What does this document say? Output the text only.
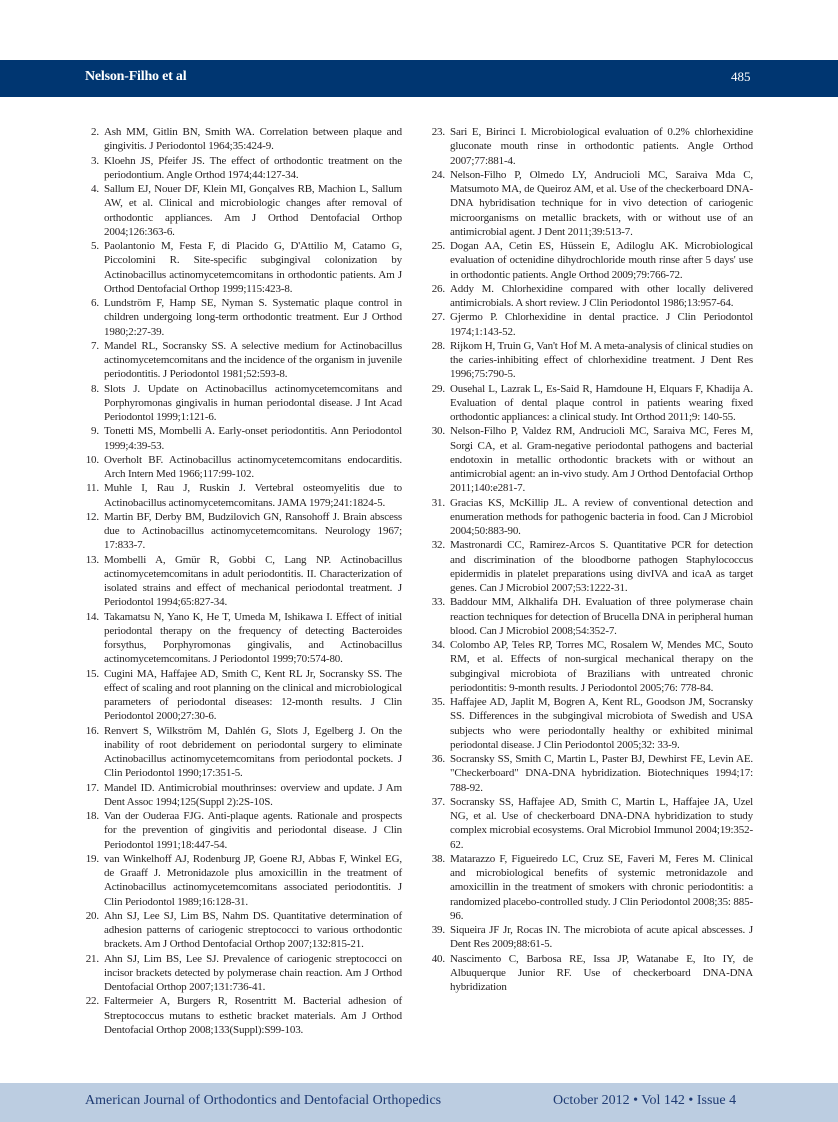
Nelson-Filho et al	485
2. Ash MM, Gitlin BN, Smith WA. Correlation between plaque and gingivitis. J Periodontol 1964;35:424-9.
3. Kloehn JS, Pfeifer JS. The effect of orthodontic treatment on the periodontium. Angle Orthod 1974;44:127-34.
4. Sallum EJ, Nouer DF, Klein MI, Gonçalves RB, Machion L, Sallum AW, et al. Clinical and microbiologic changes after removal of orthodontic appliances. Am J Orthod Dentofacial Orthop 2004;126:363-6.
5. Paolantonio M, Festa F, di Placido G, D'Attilio M, Catamo G, Piccolomini R. Site-specific subgingival colonization by Actinobacillus actinomycetemcomitans in orthodontic patients. Am J Orthod Dentofacial Orthop 1999;115:423-8.
6. Lundström F, Hamp SE, Nyman S. Systematic plaque control in children undergoing long-term orthodontic treatment. Eur J Orthod 1980;2:27-39.
7. Mandel RL, Socransky SS. A selective medium for Actinobacillus actinomycetemcomitans and the incidence of the organism in juvenile periodontitis. J Periodontol 1981;52:593-8.
8. Slots J. Update on Actinobacillus actinomycetemcomitans and Porphyromonas gingivalis in human periodontal disease. J Int Acad Periodontol 1999;1:121-6.
9. Tonetti MS, Mombelli A. Early-onset periodontitis. Ann Periodontol 1999;4:39-53.
10. Overholt BF. Actinobacillus actinomycetemcomitans endocarditis. Arch Intern Med 1966;117:99-102.
11. Muhle I, Rau J, Ruskin J. Vertebral osteomyelitis due to Actinobacillus actinomycetemcomitans. JAMA 1979;241:1824-5.
12. Martin BF, Derby BM, Budzilovich GN, Ransohoff J. Brain abscess due to Actinobacillus actinomycetemcomitans. Neurology 1967; 17:833-7.
13. Mombelli A, Gmür R, Gobbi C, Lang NP. Actinobacillus actinomycetemcomitans in adult periodontitis. II. Characterization of isolated strains and effect of mechanical periodontal treatment. J Periodontol 1994;65:827-34.
14. Takamatsu N, Yano K, He T, Umeda M, Ishikawa I. Effect of initial periodontal therapy on the frequency of detecting Bacteroides forsythus, Porphyromonas gingivalis, and Actinobacillus actinomycetemcomitans. J Periodontol 1999;70:574-80.
15. Cugini MA, Haffajee AD, Smith C, Kent RL Jr, Socransky SS. The effect of scaling and root planning on the clinical and microbiological parameters of periodontal diseases: 12-month results. J Clin Periodontol 2000;27:30-6.
16. Renvert S, Wilkström M, Dahlén G, Slots J, Egelberg J. On the inability of root debridement on periodontal surgery to eliminate Actinobacillus actinomycetemcomitans from periodontal pockets. J Clin Periodontol 1990;17:351-5.
17. Mandel ID. Antimicrobial mouthrinses: overview and update. J Am Dent Assoc 1994;125(Suppl 2):2S-10S.
18. Van der Ouderaa FJG. Anti-plaque agents. Rationale and prospects for the prevention of gingivitis and periodontal disease. J Clin Periodontol 1991;18:447-54.
19. van Winkelhoff AJ, Rodenburg JP, Goene RJ, Abbas F, Winkel EG, de Graaff J. Metronidazole plus amoxicillin in the treatment of Actinobacillus actinomycetemcomitans associated periodontitis. J Clin Periodontol 1989;16:128-31.
20. Ahn SJ, Lee SJ, Lim BS, Nahm DS. Quantitative determination of adhesion patterns of cariogenic streptococci to various orthodontic brackets. Am J Orthod Dentofacial Orthop 2007;132:815-21.
21. Ahn SJ, Lim BS, Lee SJ. Prevalence of cariogenic streptococci on incisor brackets detected by polymerase chain reaction. Am J Orthod Dentofacial Orthop 2007;131:736-41.
22. Faltermeier A, Burgers R, Rosentritt M. Bacterial adhesion of Streptococcus mutans to esthetic bracket materials. Am J Orthod Dentofacial Orthop 2008;133(Suppl):S99-103.
23. Sari E, Birinci I. Microbiological evaluation of 0.2% chlorhexidine gluconate mouth rinse in orthodontic patients. Angle Orthod 2007;77:881-4.
24. Nelson-Filho P, Olmedo LY, Andrucioli MC, Saraiva Mda C, Matsumoto MA, de Queiroz AM, et al. Use of the checkerboard DNA-DNA hybridisation technique for in vivo detection of cariogenic microorganisms on metallic brackets, with or without use of an antimicrobial agent. J Dent 2011;39:513-7.
25. Dogan AA, Cetin ES, Hüssein E, Adiloglu AK. Microbiological evaluation of octenidine dihydrochloride mouth rinse after 5 days' use in orthodontic patients. Angle Orthod 2009;79:766-72.
26. Addy M. Chlorhexidine compared with other locally delivered antimicrobials. A short review. J Clin Periodontol 1986;13:957-64.
27. Gjermo P. Chlorhexidine in dental practice. J Clin Periodontol 1974;1:143-52.
28. Rijkom H, Truin G, Van't Hof M. A meta-analysis of clinical studies on the caries-inhibiting effect of chlorhexidine treatment. J Dent Res 1996;75:790-5.
29. Ousehal L, Lazrak L, Es-Said R, Hamdoune H, Elquars F, Khadija A. Evaluation of dental plaque control in patients wearing fixed orthodontic appliances: a clinical study. Int Orthod 2011;9: 140-55.
30. Nelson-Filho P, Valdez RM, Andrucioli MC, Saraiva MC, Feres M, Sorgi CA, et al. Gram-negative periodontal pathogens and bacterial endotoxin in metallic orthodontic brackets with or without an antimicrobial agent: an in-vivo study. Am J Orthod Dentofacial Orthop 2011;140:e281-7.
31. Gracias KS, McKillip JL. A review of conventional detection and enumeration methods for pathogenic bacteria in food. Can J Microbiol 2004;50:883-90.
32. Mastronardi CC, Ramirez-Arcos S. Quantitative PCR for detection and discrimination of the bloodborne pathogen Staphylococcus epidermidis in platelet preparations using divIVA and icaA as target genes. Can J Microbiol 2007;53:1222-31.
33. Baddour MM, Alkhalifa DH. Evaluation of three polymerase chain reaction techniques for detection of Brucella DNA in peripheral human blood. Can J Microbiol 2008;54:352-7.
34. Colombo AP, Teles RP, Torres MC, Rosalem W, Mendes MC, Souto RM, et al. Effects of non-surgical mechanical therapy on the subgingival microbiota of Brazilians with untreated chronic periodontitis: 9-month results. J Periodontol 2005;76: 778-84.
35. Haffajee AD, Japlit M, Bogren A, Kent RL, Goodson JM, Socransky SS. Differences in the subgingival microbiota of Swedish and USA subjects who were periodontally healthy or exhibited minimal periodontal disease. J Clin Periodontol 2005;32: 33-9.
36. Socransky SS, Smith C, Martin L, Paster BJ, Dewhirst FE, Levin AE. "Checkerboard" DNA-DNA hybridization. Biotechniques 1994;17: 788-92.
37. Socransky SS, Haffajee AD, Smith C, Martin L, Haffajee JA, Uzel NG, et al. Use of checkerboard DNA-DNA hybridization to study complex microbial ecosystems. Oral Microbiol Immunol 2004;19:352-62.
38. Matarazzo F, Figueiredo LC, Cruz SE, Faveri M, Feres M. Clinical and microbiological benefits of systemic metronidazole and amoxicillin in the treatment of smokers with chronic periodontitis: a randomized placebo-controlled study. J Clin Periodontol 2008;35: 885-96.
39. Siqueira JF Jr, Rocas IN. The microbiota of acute apical abscesses. J Dent Res 2009;88:61-5.
40. Nascimento C, Barbosa RE, Issa JP, Watanabe E, Ito IY, de Albuquerque Junior RF. Use of checkerboard DNA-DNA hybridization
American Journal of Orthodontics and Dentofacial Orthopedics	October 2012 • Vol 142 • Issue 4
